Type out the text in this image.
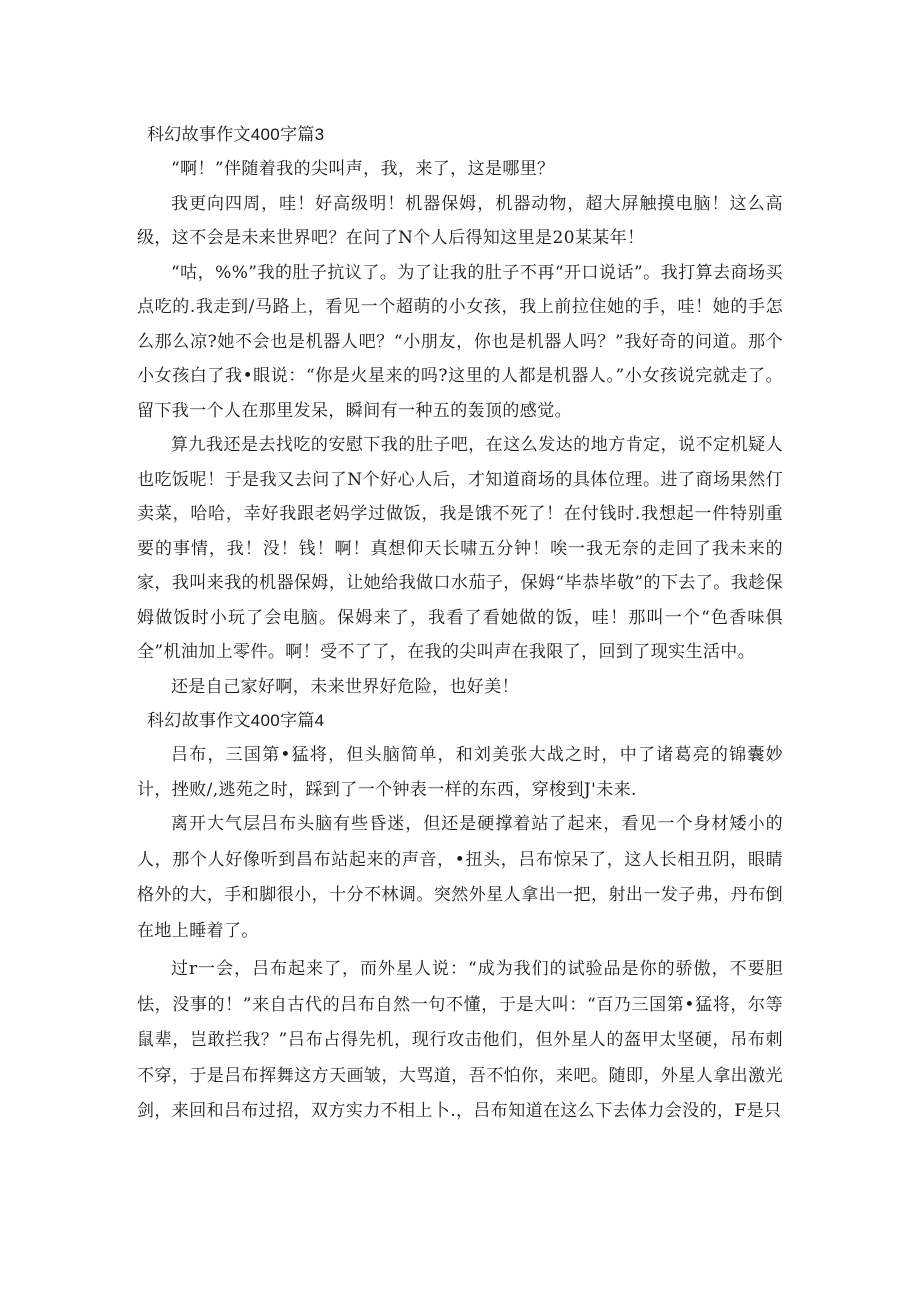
科幻故事作文400字篇3

“啊！”伴随着我的尖叫声，我，来了，这是哪里？

我更向四周，哇！好高级明！机器保姆，机器动物，超大屏触摸电脑！这么高级，这不会是未来世界吧？在问了N个人后得知这里是20某某年！

“咕，%%”我的肚子抗议了。为了让我的肚子不再“开口说话”。我打算去商场买点吃的.我走到/马路上，看见一个超萌的小女孩，我上前拉住她的手，哇！她的手怎么那么凉?她不会也是机器人吧？“小朋友，你也是机器人吗？”我好奇的问道。那个小女孩白了我•眼说：“你是火星来的吗?这里的人都是机器人。”小女孩说完就走了。留下我一个人在那里发呆，瞬间有一种五的轰顶的感觉。

算九我还是去找吃的安慰下我的肚子吧，在这么发达的地方肯定，说不定机疑人也吃饭呢！于是我又去问了N个好心人后，才知道商场的具体位理。进了商场果然仃卖菜，哈哈，幸好我跟老妈学过做饭，我是饿不死了！在付钱时.我想起一件特别重要的事情，我！没！钱！啊！真想仰天长啸五分钟！唉一我无奈的走回了我未来的家，我叫来我的机器保姆，让她给我做口水茄子，保姆“毕恭毕敬”的下去了。我趁保姆做饭时小玩了会电脑。保姆来了，我看了看她做的饭，哇！那叫一个“色香味俱全”机油加上零件。啊！受不了了，在我的尖叫声在我限了，回到了现实生活中。

还是自己家好啊，未来世界好危险，也好美！

科幻故事作文400字篇4

吕布，三国第•猛将，但头脑简单，和刘美张大战之时，中了诸葛亮的锦囊妙计，挫败/,逃苑之时，踩到了一个钟表一样的东西，穿梭到J'未来.

离开大气层吕布头脑有些昏迷，但还是硬撑着站了起来，看见一个身材矮小的人，那个人好像听到昌布站起来的声音，•扭头，吕布惊呆了，这人长相丑阴，眼睛格外的大，手和脚很小，十分不林调。突然外星人拿出一把，射出一发子弗，丹布倒在地上睡着了。

过r一会，吕布起来了，而外星人说：“成为我们的试验品是你的骄傲，不要胆怯，没事的！”来自古代的吕布自然一句不懂，于是大叫：“百乃三国第•猛将，尔等鼠辈，岂敢拦我？”吕布占得先机，现行攻击他们，但外星人的盔甲太坚硬，吊布刺不穿，于是吕布挥舞这方天画皱，大骂道，吾不怕你，来吧。随即，外星人拿出激光剑，来回和吕布过招，双方实力不相上卜.，吕布知道在这么下去体力会没的，F是只
